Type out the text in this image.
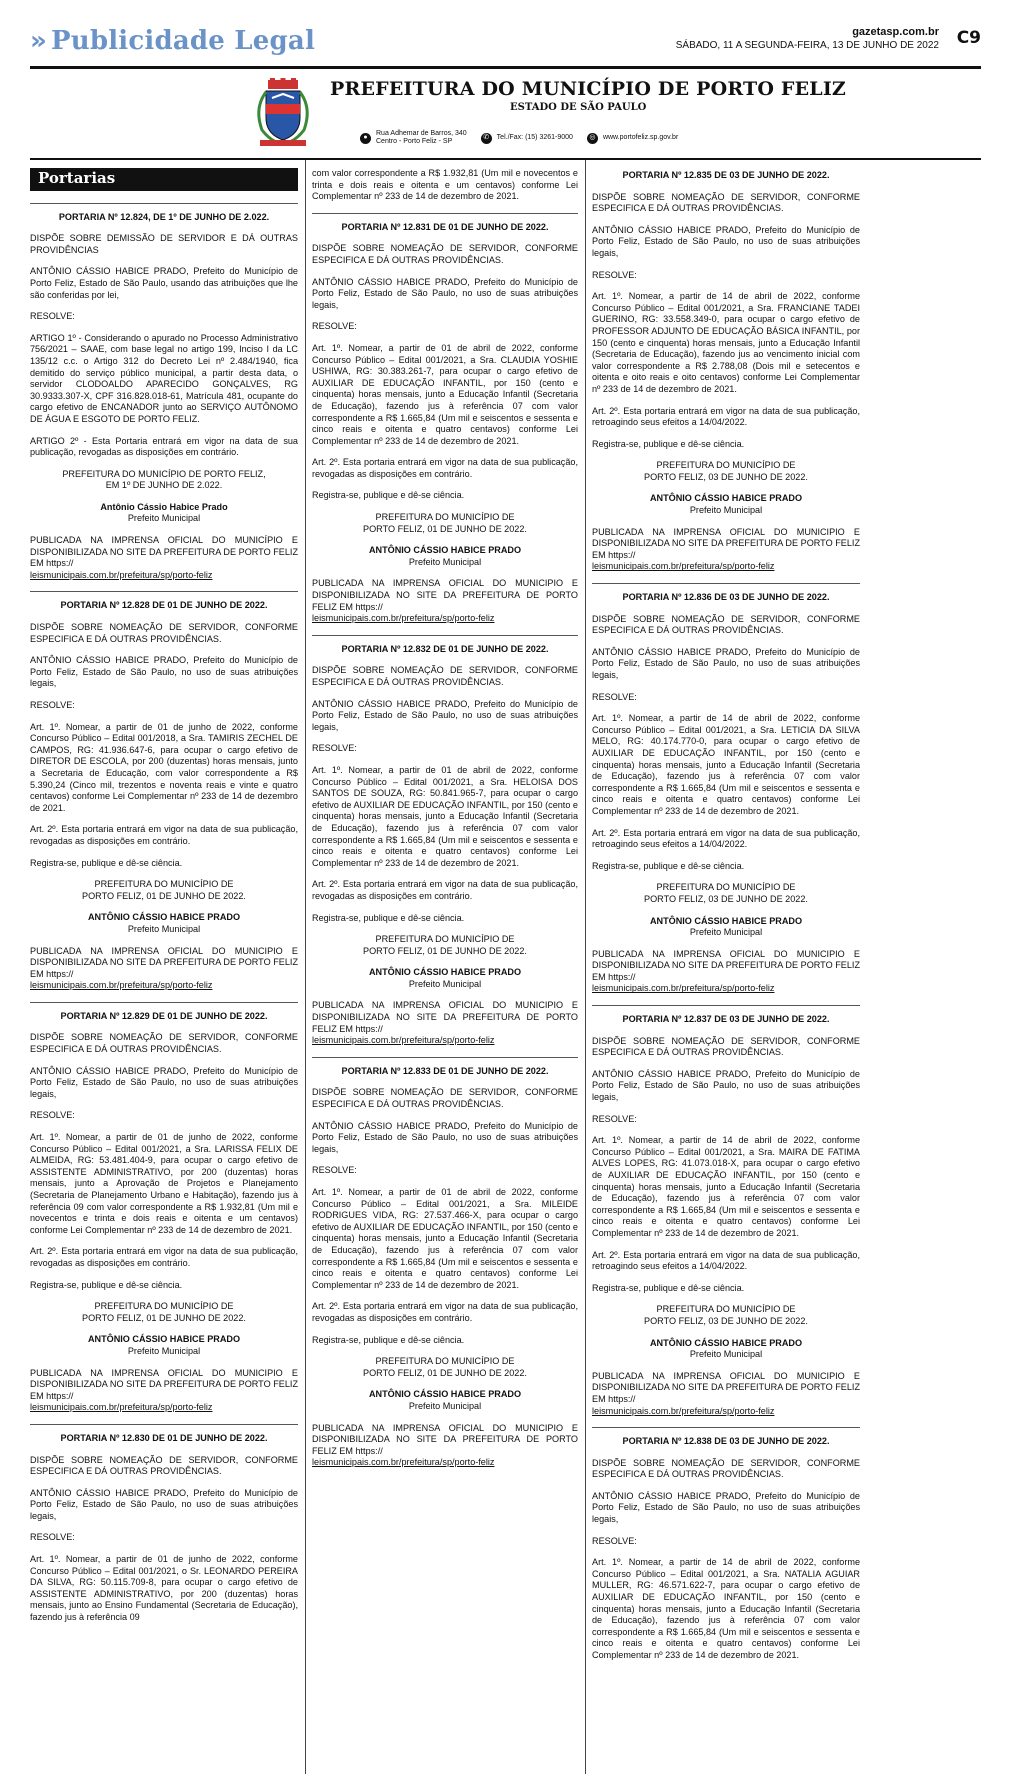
» Publicidade Legal	gazetasp.com.br
SÁBADO, 11 A SEGUNDA-FEIRA, 13 DE JUNHO DE 2022 C9
PREFEITURA DO MUNICÍPIO DE PORTO FELIZ
ESTADO DE SÃO PAULO
●
Rua Adhemar de Barros, 340
Centro - Porto Feliz - SP
✆	Tel./Fax: (15) 3261-9000	◎	www.portofeliz.sp.gov.br
Portarias
PORTARIA Nº 12.824, DE 1º DE JUNHO DE 2.022.
DISPÕE SOBRE DEMISSÃO DE SERVIDOR E DÁ OUTRAS PROVIDÊNCIAS
ANTÔNIO CÁSSIO HABICE PRADO, Prefeito do Município de Porto Feliz, Estado de São Paulo, usando das atribuições que lhe são conferidas por lei,
RESOLVE:
ARTIGO 1º - Considerando o apurado no Processo Administrativo 756/2021 – SAAE, com base legal no artigo 199, Inciso I da LC 135/12 c.c. o Artigo 312 do Decreto Lei nº 2.484/1940, fica demitido do serviço público municipal, a partir desta data, o servidor CLODOALDO APARECIDO GONÇALVES, RG 30.9333.307-X, CPF 316.828.018-61, Matrícula 481, ocupante do cargo efetivo de ENCANADOR junto ao SERVIÇO AUTÔNOMO DE ÁGUA E ESGOTO DE PORTO FELIZ.
ARTIGO 2º - Esta Portaria entrará em vigor na data de sua publicação, revogadas as disposições em contrário.
PREFEITURA DO MUNICÍPIO DE PORTO FELIZ,
EM 1º DE JUNHO DE 2.022.
Antônio Cássio Habice Prado
Prefeito Municipal
PUBLICADA NA IMPRENSA OFICIAL DO MUNICÍPIO E DISPONIBILIZADA NO SITE DA PREFEITURA DE PORTO FELIZ EM https://
leismunicipais.com.br/prefeitura/sp/porto-feliz
PORTARIA Nº 12.828 DE 01 DE JUNHO DE 2022.
DISPÕE SOBRE NOMEAÇÃO DE SERVIDOR, CONFORME ESPECIFICA E DÁ OUTRAS PROVIDÊNCIAS.
ANTÔNIO CÁSSIO HABICE PRADO, Prefeito do Município de Porto Feliz, Estado de São Paulo, no uso de suas atribuições legais,
RESOLVE:
Art. 1º. Nomear, a partir de 01 de junho de 2022, conforme Concurso Público – Edital 001/2018, a Sra. TAMIRIS ZECHEL DE CAMPOS, RG: 41.936.647-6, para ocupar o cargo efetivo de DIRETOR DE ESCOLA, por 200 (duzentas) horas mensais, junto a Secretaria de Educação, com valor correspondente a R$ 5.390,24 (Cinco mil, trezentos e noventa reais e vinte e quatro centavos) conforme Lei Complementar nº 233 de 14 de dezembro de 2021.
Art. 2º. Esta portaria entrará em vigor na data de sua publicação, revogadas as disposições em contrário.
Registra-se, publique e dê-se ciência.
PREFEITURA DO MUNICÍPIO DE
PORTO FELIZ, 01 DE JUNHO DE 2022.
ANTÔNIO CÁSSIO HABICE PRADO
Prefeito Municipal
PUBLICADA NA IMPRENSA OFICIAL DO MUNICIPIO E DISPONIBILIZADA NO SITE DA PREFEITURA DE PORTO FELIZ EM https://
leismunicipais.com.br/prefeitura/sp/porto-feliz
PORTARIA Nº 12.829 DE 01 DE JUNHO DE 2022.
DISPÕE SOBRE NOMEAÇÃO DE SERVIDOR, CONFORME ESPECIFICA E DÁ OUTRAS PROVIDÊNCIAS.
ANTÔNIO CÁSSIO HABICE PRADO, Prefeito do Município de Porto Feliz, Estado de São Paulo, no uso de suas atribuições legais,
RESOLVE:
Art. 1º. Nomear, a partir de 01 de junho de 2022, conforme Concurso Público – Edital 001/2021, a Sra. LARISSA FELIX DE ALMEIDA, RG: 53.481.404-9, para ocupar o cargo efetivo de ASSISTENTE ADMINISTRATIVO, por 200 (duzentas) horas mensais, junto a Aprovação de Projetos e Planejamento (Secretaria de Planejamento Urbano e Habitação), fazendo jus à referência 09 com valor correspondente a R$ 1.932,81 (Um mil e novecentos e trinta e dois reais e oitenta e um centavos) conforme Lei Complementar nº 233 de 14 de dezembro de 2021.
Art. 2º. Esta portaria entrará em vigor na data de sua publicação, revogadas as disposições em contrário.
Registra-se, publique e dê-se ciência.
PREFEITURA DO MUNICÍPIO DE
PORTO FELIZ, 01 DE JUNHO DE 2022.
ANTÔNIO CÁSSIO HABICE PRADO
Prefeito Municipal
PUBLICADA NA IMPRENSA OFICIAL DO MUNICIPIO E DISPONIBILIZADA NO SITE DA PREFEITURA DE PORTO FELIZ EM https://
leismunicipais.com.br/prefeitura/sp/porto-feliz
PORTARIA Nº 12.830 DE 01 DE JUNHO DE 2022.
DISPÕE SOBRE NOMEAÇÃO DE SERVIDOR, CONFORME ESPECIFICA E DÁ OUTRAS PROVIDÊNCIAS.
ANTÔNIO CÁSSIO HABICE PRADO, Prefeito do Município de Porto Feliz, Estado de São Paulo, no uso de suas atribuições legais,
RESOLVE:
Art. 1º. Nomear, a partir de 01 de junho de 2022, conforme Concurso Público – Edital 001/2021, o Sr. LEONARDO PEREIRA DA SILVA, RG: 50.115.709-8, para ocupar o cargo efetivo de ASSISTENTE ADMINISTRATIVO, por 200 (duzentas) horas mensais, junto ao Ensino Fundamental (Secretaria de Educação), fazendo jus à referência 09
com valor correspondente a R$ 1.932,81 (Um mil e novecentos e trinta e dois reais e oitenta e um centavos) conforme Lei Complementar nº 233 de 14 de dezembro de 2021.
PORTARIA Nº 12.831 DE 01 DE JUNHO DE 2022.
DISPÕE SOBRE NOMEAÇÃO DE SERVIDOR, CONFORME ESPECIFICA E DÁ OUTRAS PROVIDÊNCIAS.
ANTÔNIO CÁSSIO HABICE PRADO, Prefeito do Município de Porto Feliz, Estado de São Paulo, no uso de suas atribuições legais,
RESOLVE:
Art. 1º. Nomear, a partir de 01 de abril de 2022, conforme Concurso Público – Edital 001/2021, a Sra. CLAUDIA YOSHIE USHIWA, RG: 30.383.261-7, para ocupar o cargo efetivo de AUXILIAR DE EDUCAÇÃO INFANTIL, por 150 (cento e cinquenta) horas mensais, junto a Educação Infantil (Secretaria de Educação), fazendo jus à referência 07 com valor correspondente a R$ 1.665,84 (Um mil e seiscentos e sessenta e cinco reais e oitenta e quatro centavos) conforme Lei Complementar nº 233 de 14 de dezembro de 2021.
Art. 2º. Esta portaria entrará em vigor na data de sua publicação, revogadas as disposições em contrário.
Registra-se, publique e dê-se ciência.
PREFEITURA DO MUNICÍPIO DE
PORTO FELIZ, 01 DE JUNHO DE 2022.
ANTÔNIO CÁSSIO HABICE PRADO
Prefeito Municipal
PUBLICADA NA IMPRENSA OFICIAL DO MUNICIPIO E DISPONIBILIZADA NO SITE DA PREFEITURA DE PORTO FELIZ EM https://
leismunicipais.com.br/prefeitura/sp/porto-feliz
PORTARIA Nº 12.832 DE 01 DE JUNHO DE 2022.
DISPÕE SOBRE NOMEAÇÃO DE SERVIDOR, CONFORME ESPECIFICA E DÁ OUTRAS PROVIDÊNCIAS.
ANTÔNIO CÁSSIO HABICE PRADO, Prefeito do Município de Porto Feliz, Estado de São Paulo, no uso de suas atribuições legais,
RESOLVE:
Art. 1º. Nomear, a partir de 01 de abril de 2022, conforme Concurso Público – Edital 001/2021, a Sra. HELOISA DOS SANTOS DE SOUZA, RG: 50.841.965-7, para ocupar o cargo efetivo de AUXILIAR DE EDUCAÇÃO INFANTIL, por 150 (cento e cinquenta) horas mensais, junto a Educação Infantil (Secretaria de Educação), fazendo jus à referência 07 com valor correspondente a R$ 1.665,84 (Um mil e seiscentos e sessenta e cinco reais e oitenta e quatro centavos) conforme Lei Complementar nº 233 de 14 de dezembro de 2021.
Art. 2º. Esta portaria entrará em vigor na data de sua publicação, revogadas as disposições em contrário.
Registra-se, publique e dê-se ciência.
PREFEITURA DO MUNICÍPIO DE
PORTO FELIZ, 01 DE JUNHO DE 2022.
ANTÔNIO CÁSSIO HABICE PRADO
Prefeito Municipal
PUBLICADA NA IMPRENSA OFICIAL DO MUNICIPIO E DISPONIBILIZADA NO SITE DA PREFEITURA DE PORTO FELIZ EM https://
leismunicipais.com.br/prefeitura/sp/porto-feliz
PORTARIA Nº 12.833 DE 01 DE JUNHO DE 2022.
DISPÕE SOBRE NOMEAÇÃO DE SERVIDOR, CONFORME ESPECIFICA E DÁ OUTRAS PROVIDÊNCIAS.
ANTÔNIO CÁSSIO HABICE PRADO, Prefeito do Município de Porto Feliz, Estado de São Paulo, no uso de suas atribuições legais,
RESOLVE:
Art. 1º. Nomear, a partir de 01 de abril de 2022, conforme Concurso Público – Edital 001/2021, a Sra. MILEIDE RODRIGUES VIDA, RG: 27.537.466-X, para ocupar o cargo efetivo de AUXILIAR DE EDUCAÇÃO INFANTIL, por 150 (cento e cinquenta) horas mensais, junto a Educação Infantil (Secretaria de Educação), fazendo jus à referência 07 com valor correspondente a R$ 1.665,84 (Um mil e seiscentos e sessenta e cinco reais e oitenta e quatro centavos) conforme Lei Complementar nº 233 de 14 de dezembro de 2021.
Art. 2º. Esta portaria entrará em vigor na data de sua publicação, revogadas as disposições em contrário.
Registra-se, publique e dê-se ciência.
PREFEITURA DO MUNICÍPIO DE
PORTO FELIZ, 01 DE JUNHO DE 2022.
ANTÔNIO CÁSSIO HABICE PRADO
Prefeito Municipal
PUBLICADA NA IMPRENSA OFICIAL DO MUNICIPIO E DISPONIBILIZADA NO SITE DA PREFEITURA DE PORTO FELIZ EM https://
leismunicipais.com.br/prefeitura/sp/porto-feliz
PORTARIA Nº 12.835 DE 03 DE JUNHO DE 2022.
DISPÕE SOBRE NOMEAÇÃO DE SERVIDOR, CONFORME ESPECIFICA E DÁ OUTRAS PROVIDÊNCIAS.
ANTÔNIO CÁSSIO HABICE PRADO, Prefeito do Município de Porto Feliz, Estado de São Paulo, no uso de suas atribuições legais,
RESOLVE:
Art. 1º. Nomear, a partir de 14 de abril de 2022, conforme Concurso Público – Edital 001/2021, a Sra. FRANCIANE TADEI GUERINO, RG: 33.558.349-0, para ocupar o cargo efetivo de PROFESSOR ADJUNTO DE EDUCAÇÃO BÁSICA INFANTIL, por 150 (cento e cinquenta) horas mensais, junto a Educação Infantil (Secretaria de Educação), fazendo jus ao vencimento inicial com valor correspondente a R$ 2.788,08 (Dois mil e setecentos e oitenta e oito reais e oito centavos) conforme Lei Complementar nº 233 de 14 de dezembro de 2021.
Art. 2º. Esta portaria entrará em vigor na data de sua publicação, retroagindo seus efeitos a 14/04/2022.
Registra-se, publique e dê-se ciência.
PREFEITURA DO MUNICÍPIO DE
PORTO FELIZ, 03 DE JUNHO DE 2022.
ANTÔNIO CÁSSIO HABICE PRADO
Prefeito Municipal
PUBLICADA NA IMPRENSA OFICIAL DO MUNICIPIO E DISPONIBILIZADA NO SITE DA PREFEITURA DE PORTO FELIZ EM https://
leismunicipais.com.br/prefeitura/sp/porto-feliz
PORTARIA Nº 12.836 DE 03 DE JUNHO DE 2022.
DISPÕE SOBRE NOMEAÇÃO DE SERVIDOR, CONFORME ESPECIFICA E DÁ OUTRAS PROVIDÊNCIAS.
ANTÔNIO CÁSSIO HABICE PRADO, Prefeito do Município de Porto Feliz, Estado de São Paulo, no uso de suas atribuições legais,
RESOLVE:
Art. 1º. Nomear, a partir de 14 de abril de 2022, conforme Concurso Público – Edital 001/2021, a Sra. LETICIA DA SILVA MELO, RG: 40.174.770-0, para ocupar o cargo efetivo de AUXILIAR DE EDUCAÇÃO INFANTIL, por 150 (cento e cinquenta) horas mensais, junto a Educação Infantil (Secretaria de Educação), fazendo jus à referência 07 com valor correspondente a R$ 1.665,84 (Um mil e seiscentos e sessenta e cinco reais e oitenta e quatro centavos) conforme Lei Complementar nº 233 de 14 de dezembro de 2021.
Art. 2º. Esta portaria entrará em vigor na data de sua publicação, retroagindo seus efeitos a 14/04/2022.
Registra-se, publique e dê-se ciência.
PREFEITURA DO MUNICÍPIO DE
PORTO FELIZ, 03 DE JUNHO DE 2022.
ANTÔNIO CÁSSIO HABICE PRADO
Prefeito Municipal
PUBLICADA NA IMPRENSA OFICIAL DO MUNICIPIO E DISPONIBILIZADA NO SITE DA PREFEITURA DE PORTO FELIZ EM https://
leismunicipais.com.br/prefeitura/sp/porto-feliz
PORTARIA Nº 12.837 DE 03 DE JUNHO DE 2022.
DISPÕE SOBRE NOMEAÇÃO DE SERVIDOR, CONFORME ESPECIFICA E DÁ OUTRAS PROVIDÊNCIAS.
ANTÔNIO CÁSSIO HABICE PRADO, Prefeito do Município de Porto Feliz, Estado de São Paulo, no uso de suas atribuições legais,
RESOLVE:
Art. 1º. Nomear, a partir de 14 de abril de 2022, conforme Concurso Público – Edital 001/2021, a Sra. MAIRA DE FATIMA ALVES LOPES, RG: 41.073.018-X, para ocupar o cargo efetivo de AUXILIAR DE EDUCAÇÃO INFANTIL, por 150 (cento e cinquenta) horas mensais, junto a Educação Infantil (Secretaria de Educação), fazendo jus à referência 07 com valor correspondente a R$ 1.665,84 (Um mil e seiscentos e sessenta e cinco reais e oitenta e quatro centavos) conforme Lei Complementar nº 233 de 14 de dezembro de 2021.
Art. 2º. Esta portaria entrará em vigor na data de sua publicação, retroagindo seus efeitos a 14/04/2022.
Registra-se, publique e dê-se ciência.
PREFEITURA DO MUNICÍPIO DE
PORTO FELIZ, 03 DE JUNHO DE 2022.
ANTÔNIO CÁSSIO HABICE PRADO
Prefeito Municipal
PUBLICADA NA IMPRENSA OFICIAL DO MUNICIPIO E DISPONIBILIZADA NO SITE DA PREFEITURA DE PORTO FELIZ EM https://
leismunicipais.com.br/prefeitura/sp/porto-feliz
PORTARIA Nº 12.838 DE 03 DE JUNHO DE 2022.
DISPÕE SOBRE NOMEAÇÃO DE SERVIDOR, CONFORME ESPECIFICA E DÁ OUTRAS PROVIDÊNCIAS.
ANTÔNIO CÁSSIO HABICE PRADO, Prefeito do Município de Porto Feliz, Estado de São Paulo, no uso de suas atribuições legais,
RESOLVE:
Art. 1º. Nomear, a partir de 14 de abril de 2022, conforme Concurso Público – Edital 001/2021, a Sra. NATALIA AGUIAR MULLER, RG: 46.571.622-7, para ocupar o cargo efetivo de AUXILIAR DE EDUCAÇÃO INFANTIL, por 150 (cento e cinquenta) horas mensais, junto a Educação Infantil (Secretaria de Educação), fazendo jus à referência 07 com valor correspondente a R$ 1.665,84 (Um mil e seiscentos e sessenta e cinco reais e oitenta e quatro centavos) conforme Lei Complementar nº 233 de 14 de dezembro de 2021.
